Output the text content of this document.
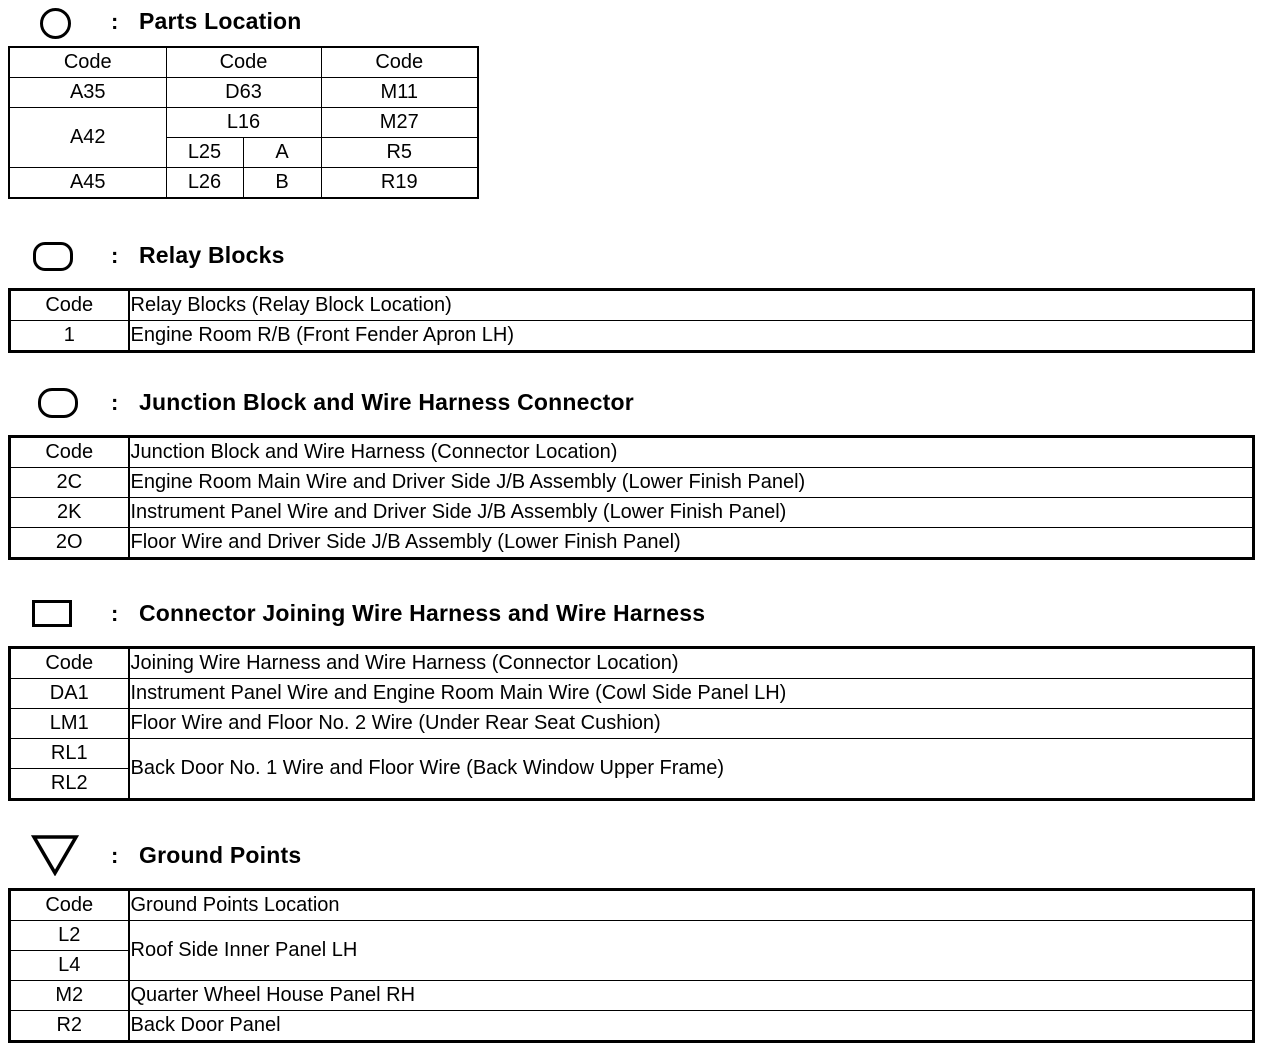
: Parts Location
Code	Code		Code
A35	D63		M11
A42	L16		M27
	L25	A	R5
A45	L26	B	R19
: Relay Blocks
Code	Relay Blocks (Relay Block Location)
1	Engine Room R/B (Front Fender Apron LH)
: Junction Block and Wire Harness Connector
Code	Junction Block and Wire Harness (Connector Location)
2C	Engine Room Main Wire and Driver Side J/B Assembly (Lower Finish Panel)
2K	Instrument Panel Wire and Driver Side J/B Assembly (Lower Finish Panel)
2O	Floor Wire and Driver Side J/B Assembly (Lower Finish Panel)
: Connector Joining Wire Harness and Wire Harness
Code	Joining Wire Harness and Wire Harness (Connector Location)
DA1	Instrument Panel Wire and Engine Room Main Wire (Cowl Side Panel LH)
LM1	Floor Wire and Floor No. 2 Wire (Under Rear Seat Cushion)
RL1	Back Door No. 1 Wire and Floor Wire (Back Window Upper Frame)
RL2	
: Ground Points
Code	Ground Points Location
L2	Roof Side Inner Panel LH
L4	
M2	Quarter Wheel House Panel RH
R2	Back Door Panel
